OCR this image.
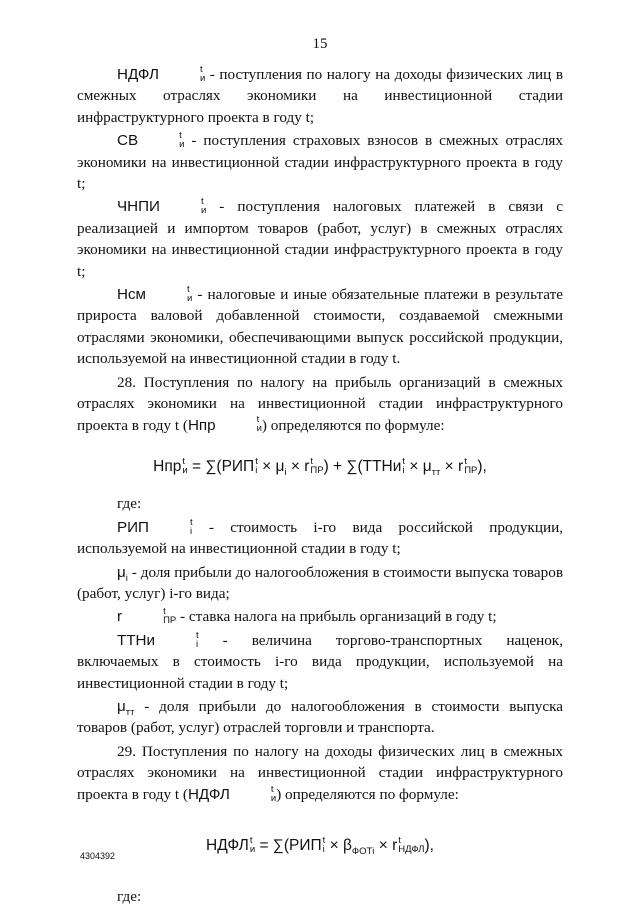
15

НДФЛ	t
и - поступления по налогу на доходы физических лиц в смежных отраслях экономики на инвестиционной стадии инфраструктурного проекта в году t;

СВ	t
и - поступления страховых взносов в смежных отраслях экономики на инвестиционной стадии инфраструктурного проекта в году t;

ЧНПИ	t
и - поступления налоговых платежей в связи с реализацией и импортом товаров (работ, услуг) в смежных отраслях экономики на инвестиционной стадии инфраструктурного проекта в году t;

Нсм	t
и - налоговые и иные обязательные платежи в результате прироста валовой добавленной стоимости, создаваемой смежными отраслями экономики, обеспечивающими выпуск российской продукции, используемой на инвестиционной стадии в году t.

28. Поступления по налогу на прибыль организаций в смежных отраслях экономики на инвестиционной стадии инфраструктурного проекта в году t (Нпр	t
и ) определяются по формуле:

Нпр t
и = ∑(РИП t
$i \times \mu_i \times r$ t
ПР ) + ∑(ТТНи t
$i \times \mu_{тт} \times r$ t
ПР ),

где:

РИП	t
i - стоимость i-го вида российской продукции, используемой на инвестиционной стадии в году t;

$\mu_i$ - доля прибыли до налогообложения в стоимости выпуска товаров (работ, услуг) i-го вида;

r	t
ПР - ставка налога на прибыль организаций в году t;

ТТНи	t
i - величина торгово-транспортных наценок, включаемых в стоимость i-го вида продукции, используемой на инвестиционной стадии в году t;

$\mu_{тт}$ - доля прибыли до налогообложения в стоимости выпуска товаров (работ, услуг) отраслей торговли и транспорта.

29. Поступления по налогу на доходы физических лиц в смежных отраслях экономики на инвестиционной стадии инфраструктурного проекта в году t (НДФЛ	t
и ) определяются по формуле:

НДФЛ t
и = ∑(РИП t
$i \times \beta_{ФОТi} \times r$ t
НДФЛ ),

где:

4304392
